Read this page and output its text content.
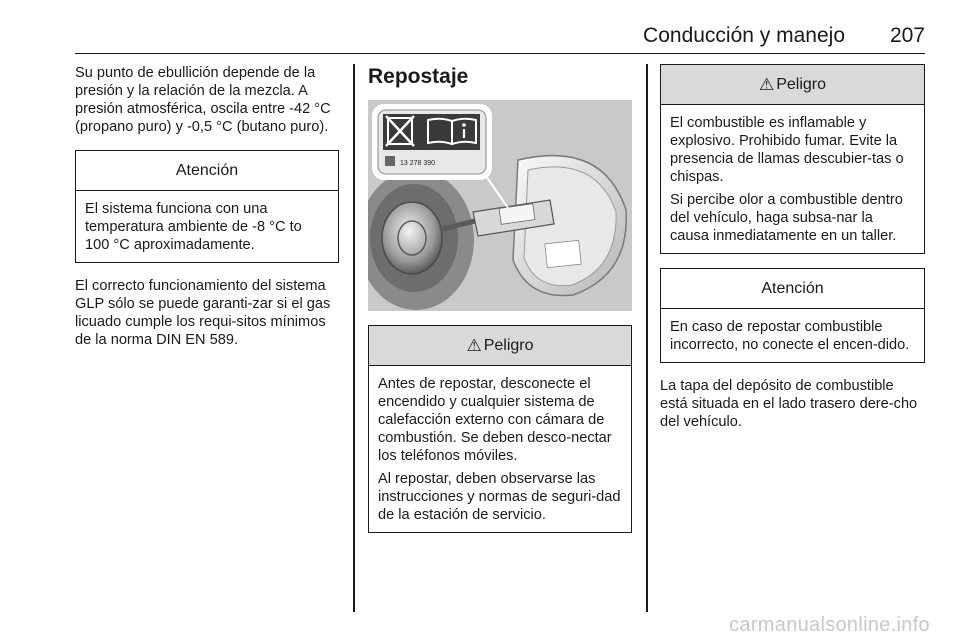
Conducción y manejo 207

Su punto de ebullición depende de la presión y la relación de la mezcla. A presión atmosférica, oscila entre -42 °C (propano puro) y -0,5 °C (butano puro).

Atención
El sistema funciona con una temperatura ambiente de -8 °C to 100 °C aproximadamente.

El correcto funcionamiento del sistema GLP sólo se puede garanti‑zar si el gas licuado cumple los requi‑sitos mínimos de la norma DIN EN 589.

Repostaje
13 278 390
⚠ Peligro

Antes de repostar, desconecte el encendido y cualquier sistema de calefacción externo con cámara de combustión. Se deben desco‑nectar los teléfonos móviles.

Al repostar, deben observarse las instrucciones y normas de seguri‑dad de la estación de servicio.

⚠ Peligro

El combustible es inflamable y explosivo. Prohibido fumar. Evite la presencia de llamas descubier‑tas o chispas.

Si percibe olor a combustible dentro del vehículo, haga subsa‑nar la causa inmediatamente en un taller.

Atención
En caso de repostar combustible incorrecto, no conecte el encen‑dido.

La tapa del depósito de combustible está situada en el lado trasero dere‑cho del vehículo.

carmanualsonline.info
